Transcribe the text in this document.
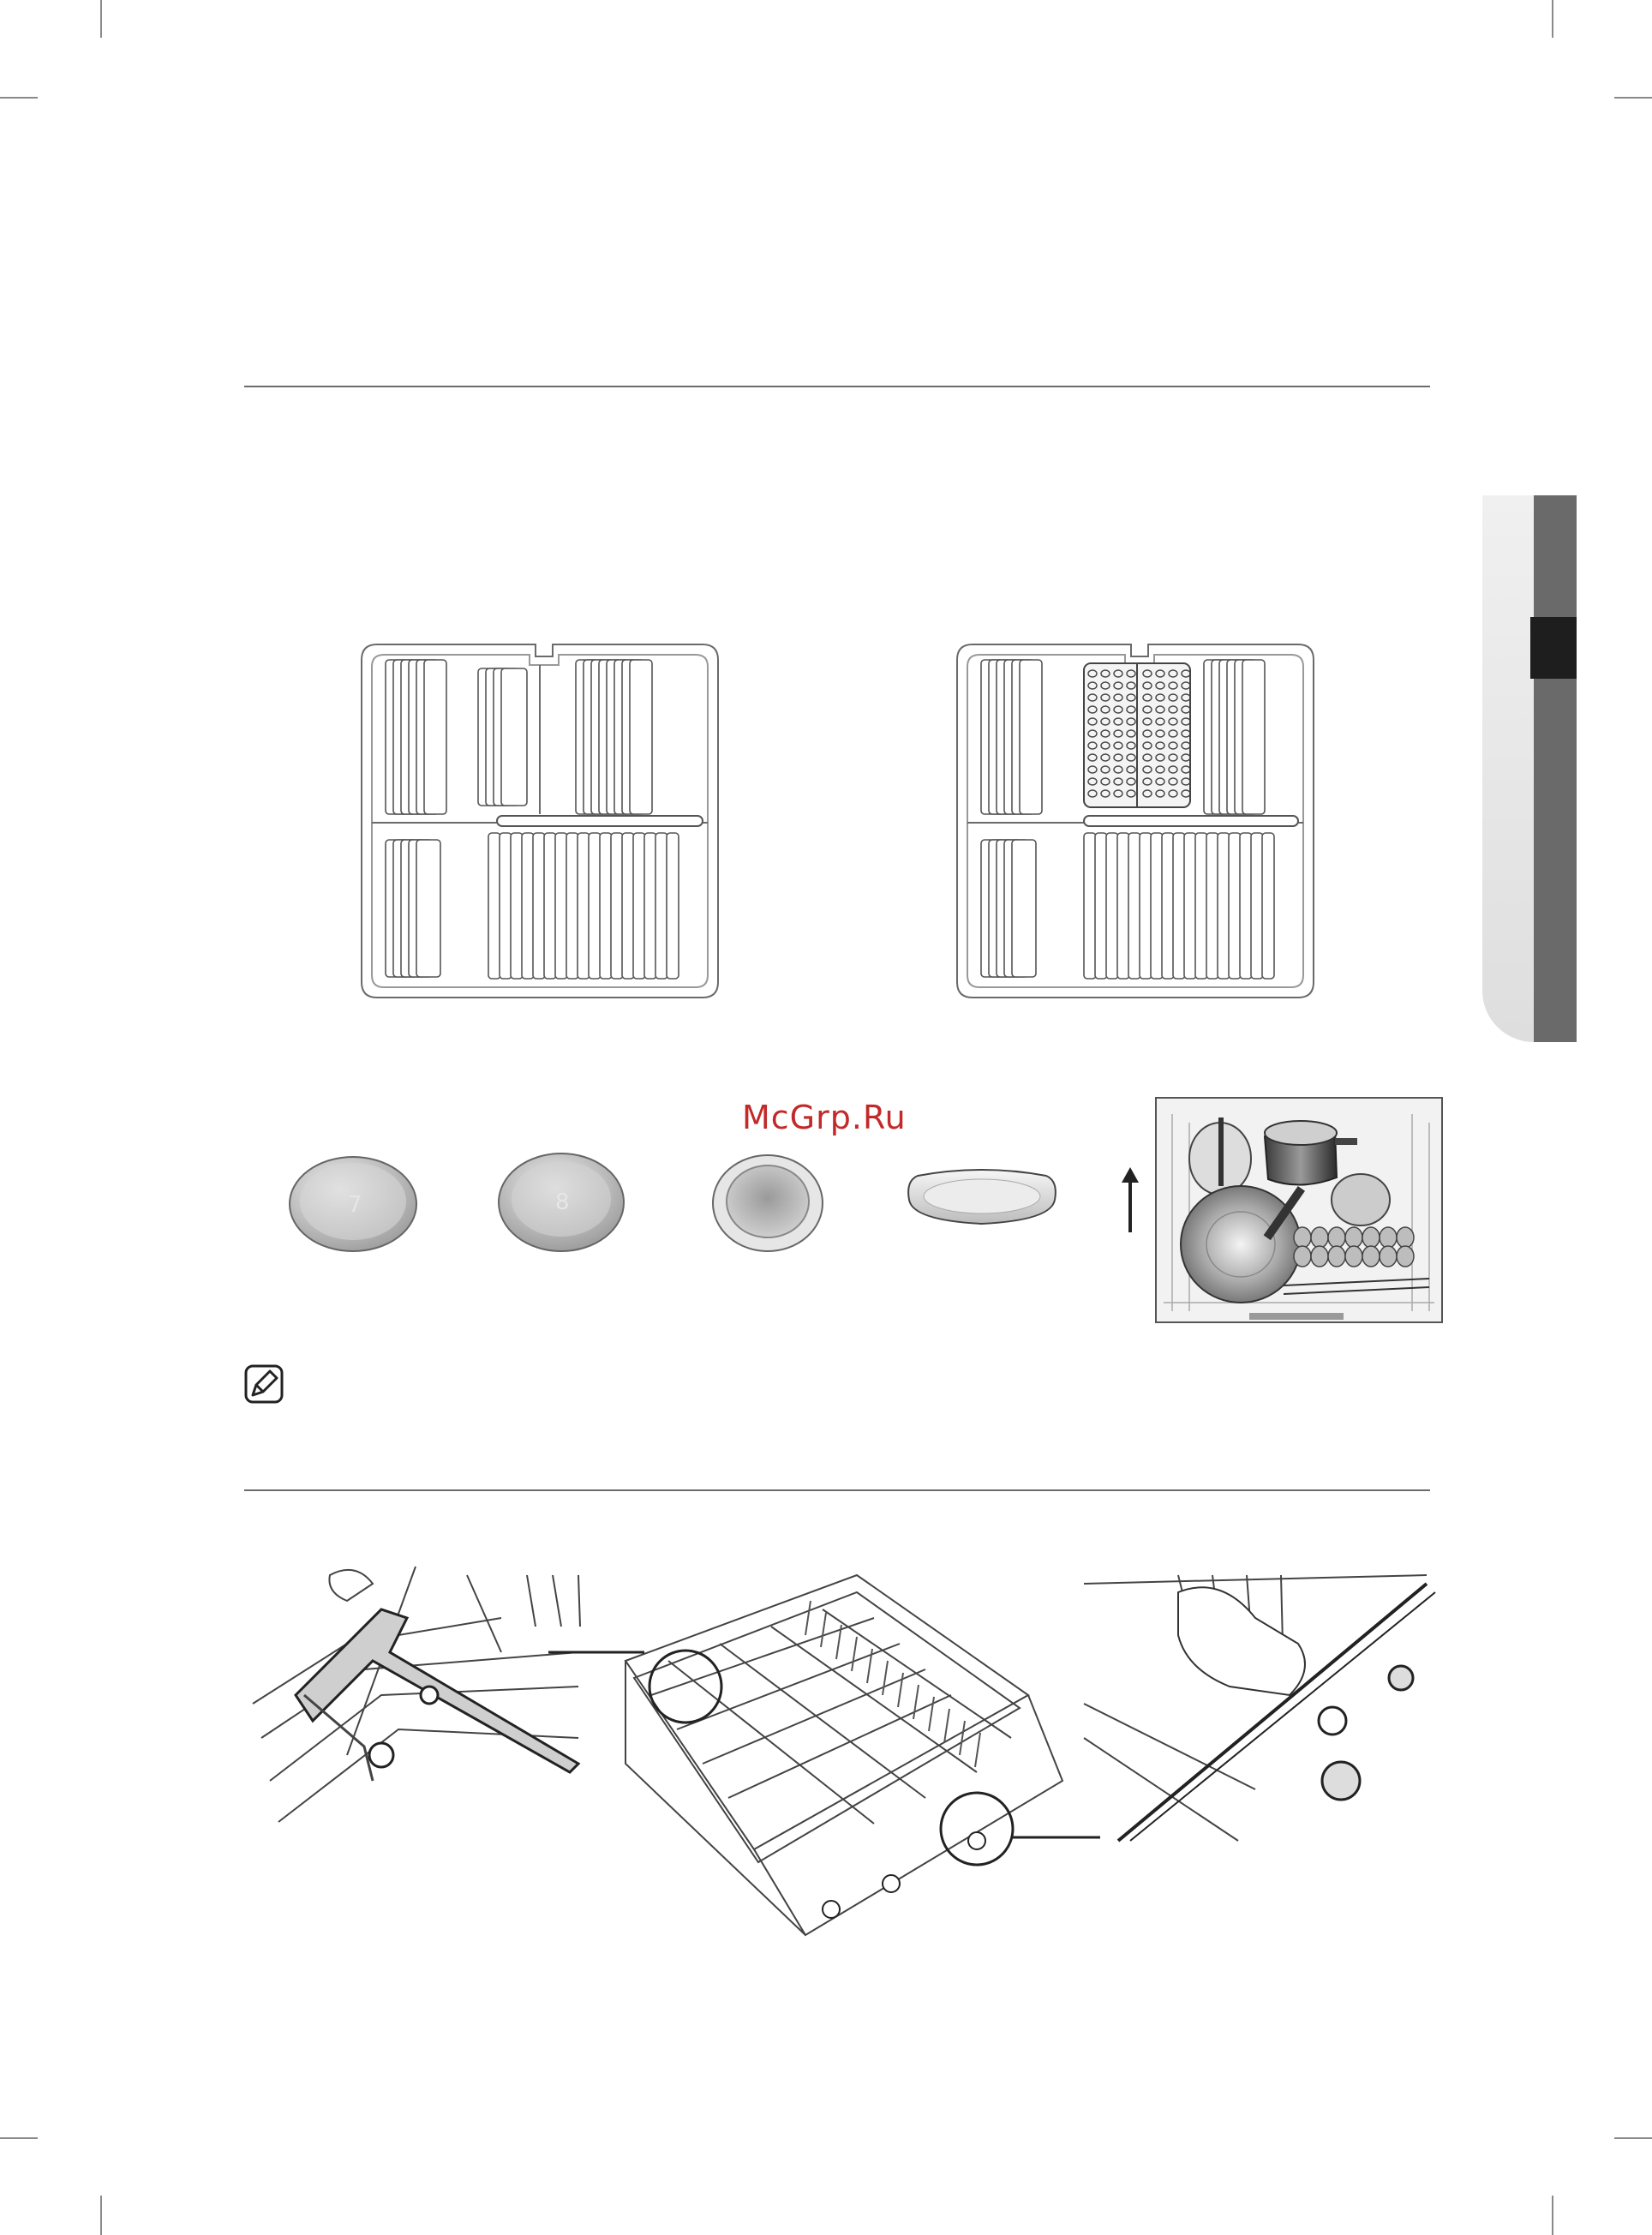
McGrp.Ru
7	8
